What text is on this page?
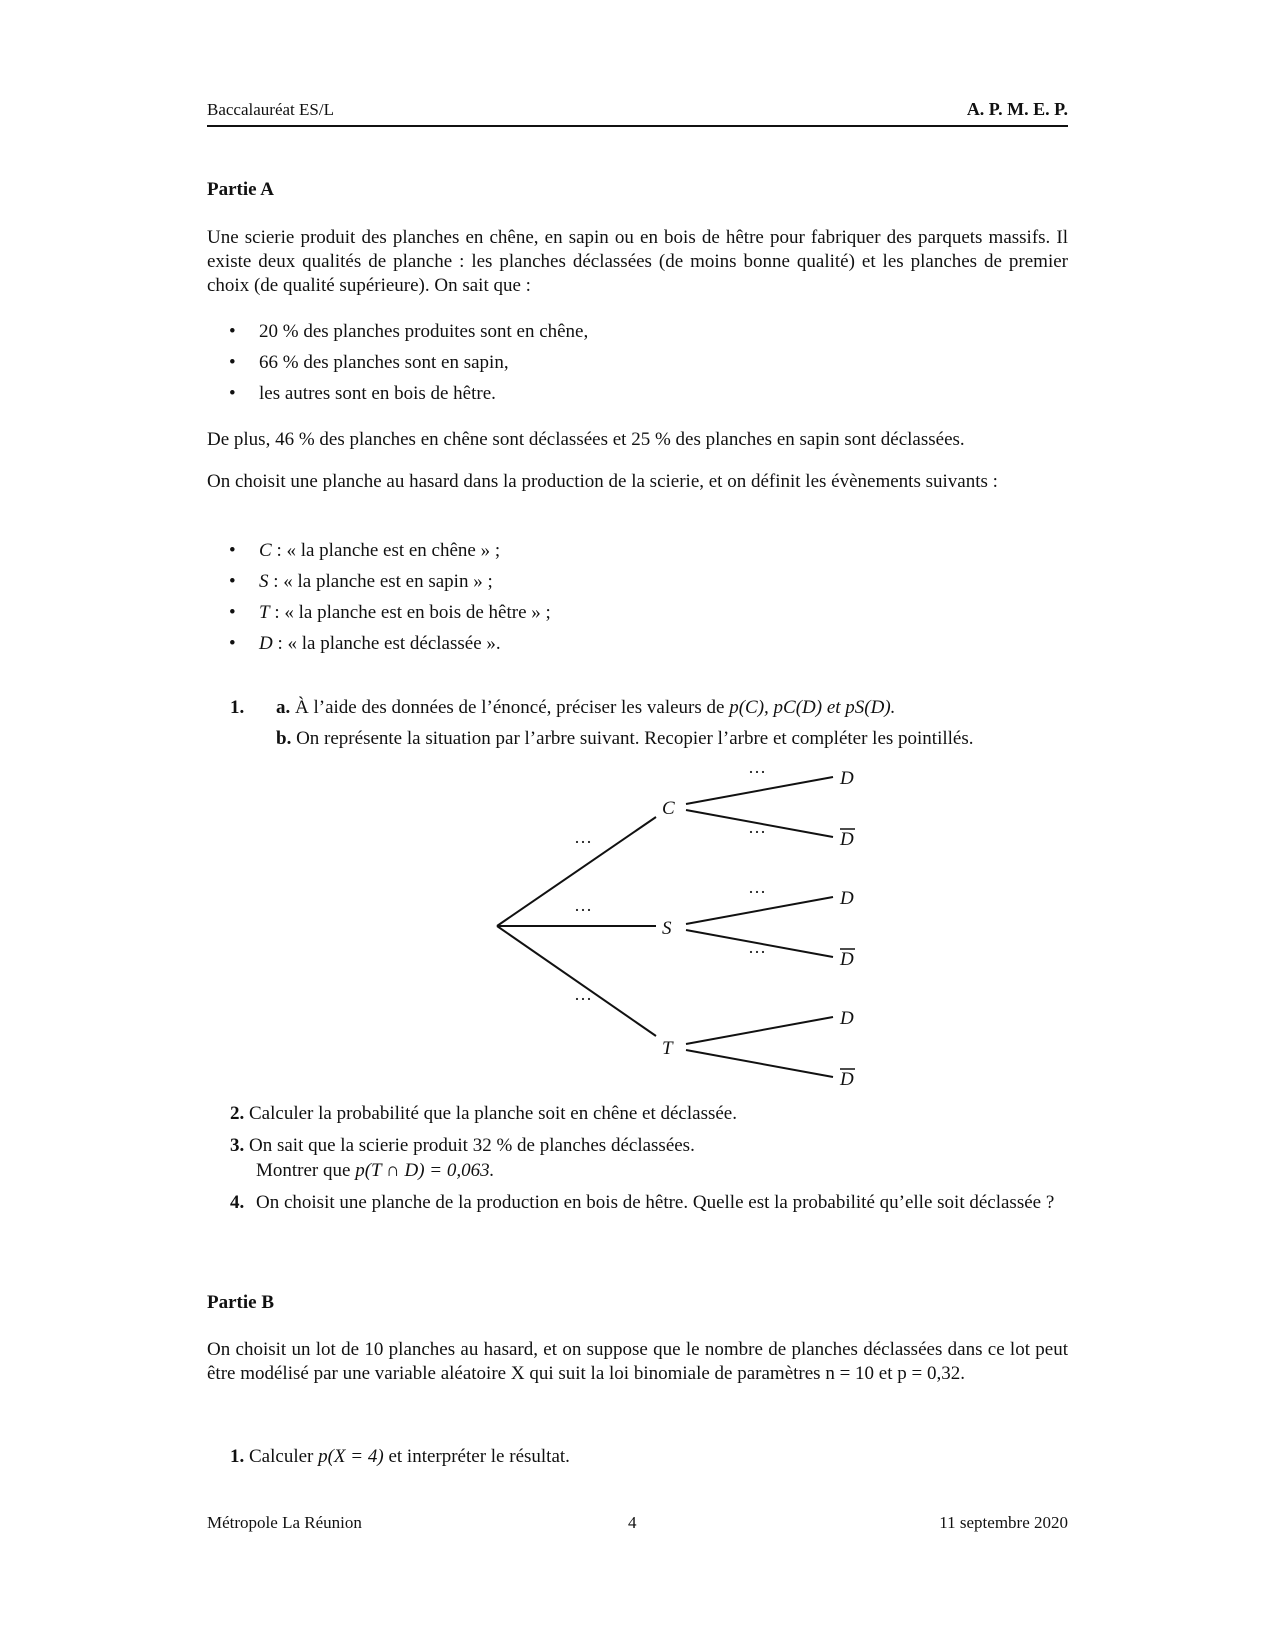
Baccalauréat ES/L	A. P. M. E. P.
Partie A
Une scierie produit des planches en chêne, en sapin ou en bois de hêtre pour fabriquer des parquets massifs. Il existe deux qualités de planche : les planches déclassées (de moins bonne qualité) et les planches de premier choix (de qualité supérieure). On sait que :
• 20 % des planches produites sont en chêne,
• 66 % des planches sont en sapin,
• les autres sont en bois de hêtre.
De plus, 46 % des planches en chêne sont déclassées et 25 % des planches en sapin sont déclassées.
On choisit une planche au hasard dans la production de la scierie, et on définit les évènements suivants :
• C : « la planche est en chêne » ;
• S : « la planche est en sapin » ;
• T : « la planche est en bois de hêtre » ;
• D : « la planche est déclassée ».
1. a. À l’aide des données de l’énoncé, préciser les valeurs de p(C), pC(D) et pS(D).
b. On représente la situation par l’arbre suivant. Recopier l’arbre et compléter les pointillés.
C
S
T
D
D
D
D
D
D
···
···
···
···
···
···
···
2. Calculer la probabilité que la planche soit en chêne et déclassée.
3. On sait que la scierie produit 32 % de planches déclassées.
Montrer que p(T ∩ D) = 0,063.
4. On choisit une planche de la production en bois de hêtre. Quelle est la probabilité qu’elle soit déclassée ?
Partie B
On choisit un lot de 10 planches au hasard, et on suppose que le nombre de planches déclassées dans ce lot peut être modélisé par une variable aléatoire X qui suit la loi binomiale de paramètres n = 10 et p = 0,32.
1. Calculer p(X = 4) et interpréter le résultat.
Métropole La Réunion	4	11 septembre 2020
